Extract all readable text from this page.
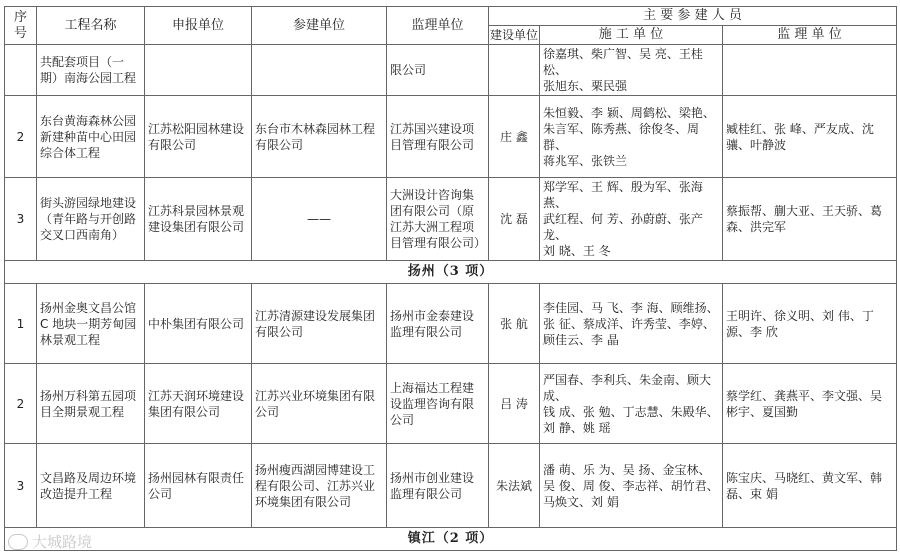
序号	工程名称	申报单位	参建单位	监理单位	主 要 参 建 人 员		
					建设单位	施 工 单 位	监 理 单 位
	共配套项目（一期）南海公园工程			限公司		徐嘉琪、柴广智、吴 亮、王桂松、
张旭东、栗民强	
2	东台黄海森林公园新建种苗中心田园综合体工程	江苏松阳园林建设有限公司	东台市木林森园林工程有限公司	江苏国兴建设项目管理有限公司	庄 鑫	朱恒毅、李 颖、周鹤松、梁艳、
朱言军、陈秀燕、徐俊冬、周群、
蒋兆军、张铁兰	臧桂红、张 峰、严友成、沈骧、叶静波
3	街头游园绿地建设（青年路与开创路交叉口西南角）	江苏科景园林景观建设集团有限公司	——	大洲设计咨询集团有限公司（原江苏大洲工程项目管理有限公司）	沈 磊	郑学军、王 辉、殷为军、张海燕、
武红程、何 芳、孙蔚蔚、张产龙、
刘 晓、王 冬	蔡振帮、蒯大亚、王天骄、葛森、洪完军
扬州（3 项）							
1	扬州金奥文昌公馆 C 地块一期芳甸园林景观工程	中朴集团有限公司	江苏清源建设发展集团有限公司	扬州市金泰建设监理有限公司	张 航	李佳园、马 飞、李 海、顾维扬、
张 征、蔡成洋、许秀莹、李婷、
顾佳云、李 晶	王明许、徐义明、刘 伟、丁源、李 欣
2	扬州万科第五园项目全期景观工程	江苏天润环境建设集团有限公司	江苏兴业环境集团有限公司	上海福达工程建设监理咨询有限公司	吕 涛	严国春、李利兵、朱金南、顾大成、
钱 成、张 勉、丁志慧、朱殿华、
刘 静、姚 瑶	蔡学红、龚燕平、李文强、吴彬宇、夏国勤
3	文昌路及周边环境改造提升工程	扬州园林有限责任公司	扬州瘦西湖园博建设工程有限公司、江苏兴业环境集团有限公司	扬州市创业建设监理有限公司	朱法斌	潘 萌、乐 为、吴 扬、金宝林、
吴 俊、周 俊、李志祥、胡竹君、
马焕文、刘 娟	陈宝庆、马晓红、黄文军、韩磊、束 娟
镇江（2 项）							
大城路境
